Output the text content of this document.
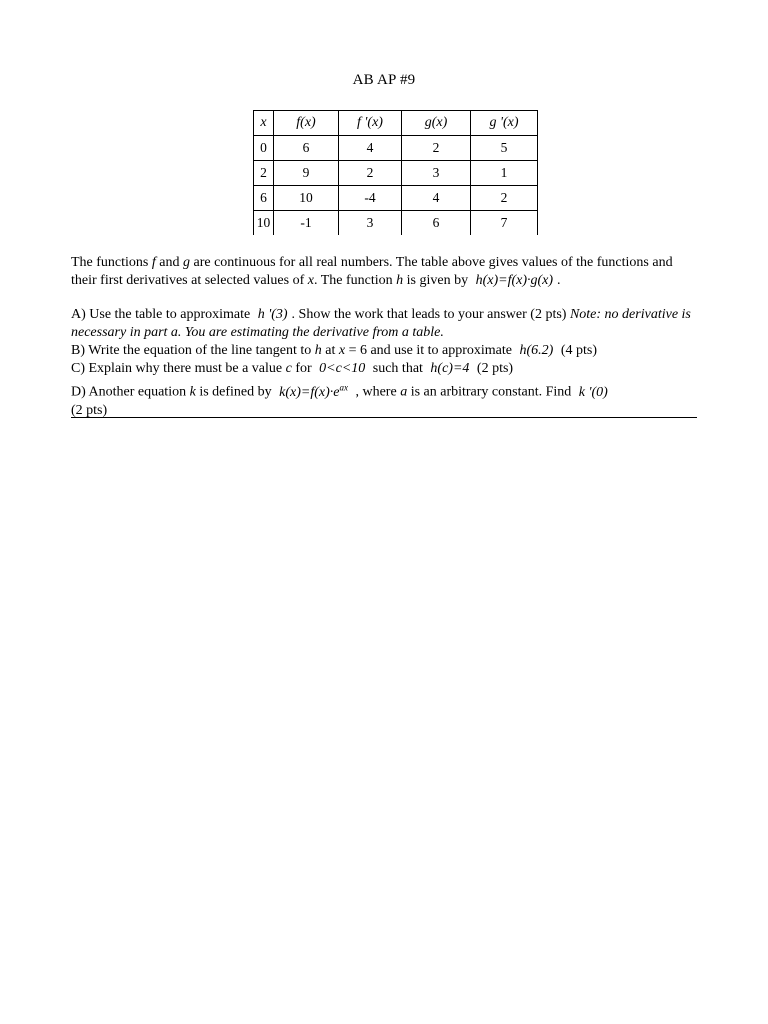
AB AP #9
x	f(x)	f '(x)	g(x)	g '(x)
0	6	4	2	5
2	9	2	3	1
6	10	-4	4	2
10	-1	3	6	7
The functions f and g are continuous for all real numbers. The table above gives values of the functions and their first derivatives at selected values of x. The function h is given by h(x)=f(x)·g(x) .
A) Use the table to approximate h '(3) . Show the work that leads to your answer (2 pts) Note: no derivative is necessary in part a. You are estimating the derivative from a table.
B) Write the equation of the line tangent to h at x = 6 and use it to approximate h(6.2) (4 pts)
C) Explain why there must be a value c for 0<c<10 such that h(c)=4 (2 pts)
D) Another equation k is defined by $k(x)=f(x)\cdot e^{ax}$ , where a is an arbitrary constant. Find k '(0)
(2 pts)
